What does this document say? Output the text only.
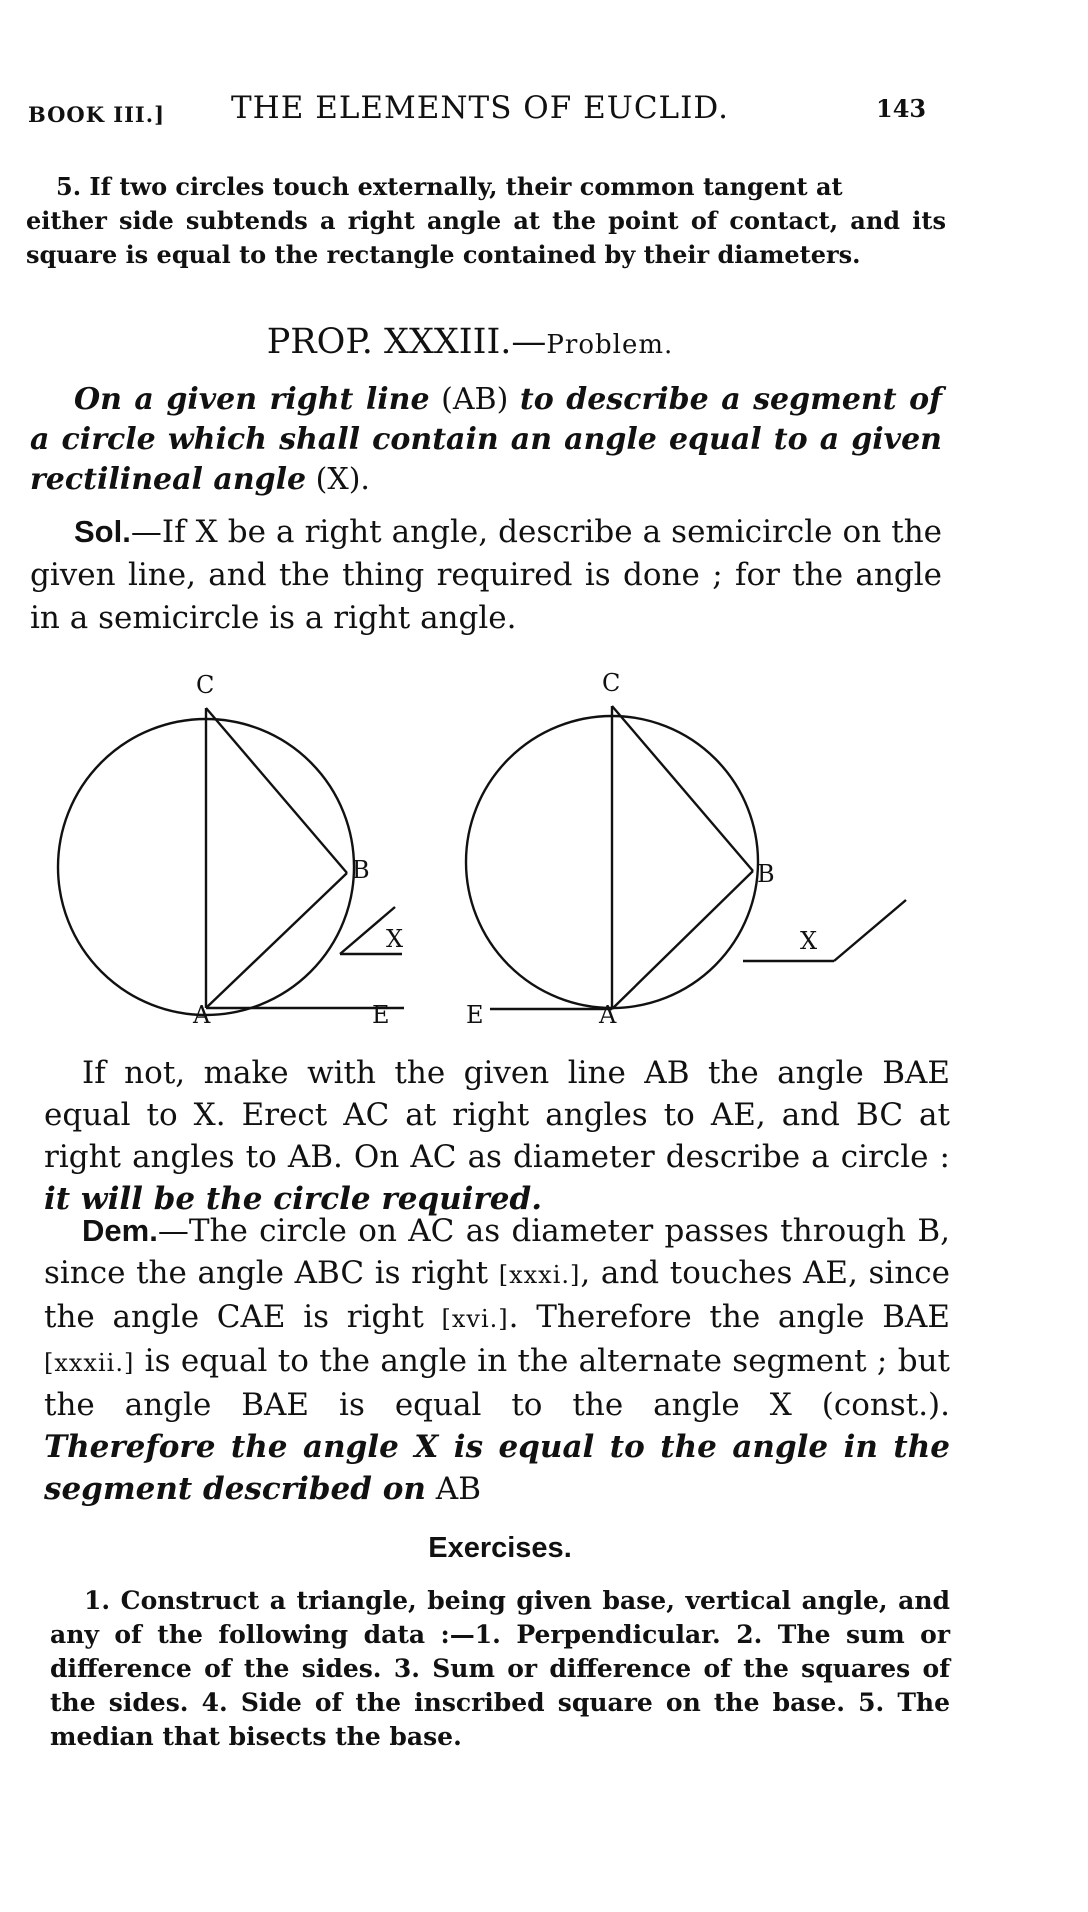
BOOK III.] THE ELEMENTS OF EUCLID.	143
5. If two circles touch externally, their common tangent at
either side subtends a right angle at the point of contact, and its square is equal to the rectangle contained by their diameters.
PROP. XXXIII.—Problem.
On a given right line (AB) to describe a segment of a circle which shall contain an angle equal to a given rectilineal angle (X).
Sol.—If X be a right angle, describe a semicircle on the given line, and the thing required is done ; for the angle in a semicircle is a right angle.
C
B
A	E
X
C
B
A
E
X
If not, make with the given line AB the angle BAE equal to X. Erect AC at right angles to AE, and BC at right angles to AB. On AC as diameter describe a circle : it will be the circle required.
Dem.—The circle on AC as diameter passes through B, since the angle ABC is right [xxxi.], and touches AE, since the angle CAE is right [xvi.]. Therefore the angle BAE [xxxii.] is equal to the angle in the alternate segment ; but the angle BAE is equal to the angle X (const.). Therefore the angle X is equal to the angle in the segment described on AB
Exercises.
1. Construct a triangle, being given base, vertical angle, and any of the following data :—1. Perpendicular. 2. The sum or difference of the sides. 3. Sum or difference of the squares of the sides. 4. Side of the inscribed square on the base. 5. The median that bisects the base.
